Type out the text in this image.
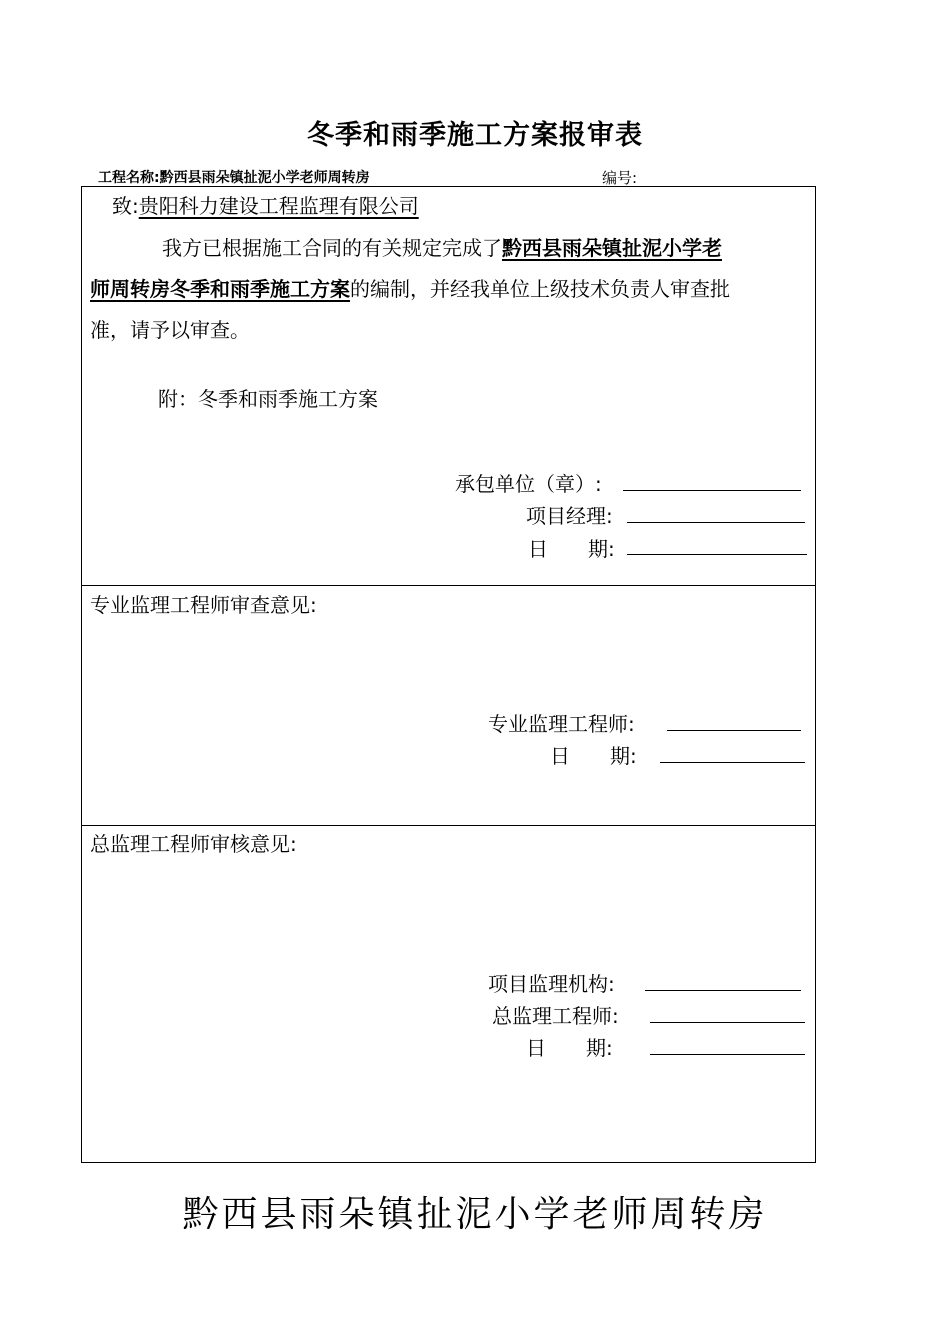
冬季和雨季施工方案报审表
工程名称:黔西县雨朵镇扯泥小学老师周转房	编号:
致:贵阳科力建设工程监理有限公司
我方已根据施工合同的有关规定完成了黔西县雨朵镇扯泥小学老
师周转房冬季和雨季施工方案的编制，并经我单位上级技术负责人审查批
准，请予以审查。
附：冬季和雨季施工方案
承包单位（章）:
项目经理:
日　　期:
专业监理工程师审查意见:
专业监理工程师:
日　　期:
总监理工程师审核意见:
项目监理机构:
总监理工程师:
日　　期:
黔西县雨朵镇扯泥小学老师周转房
